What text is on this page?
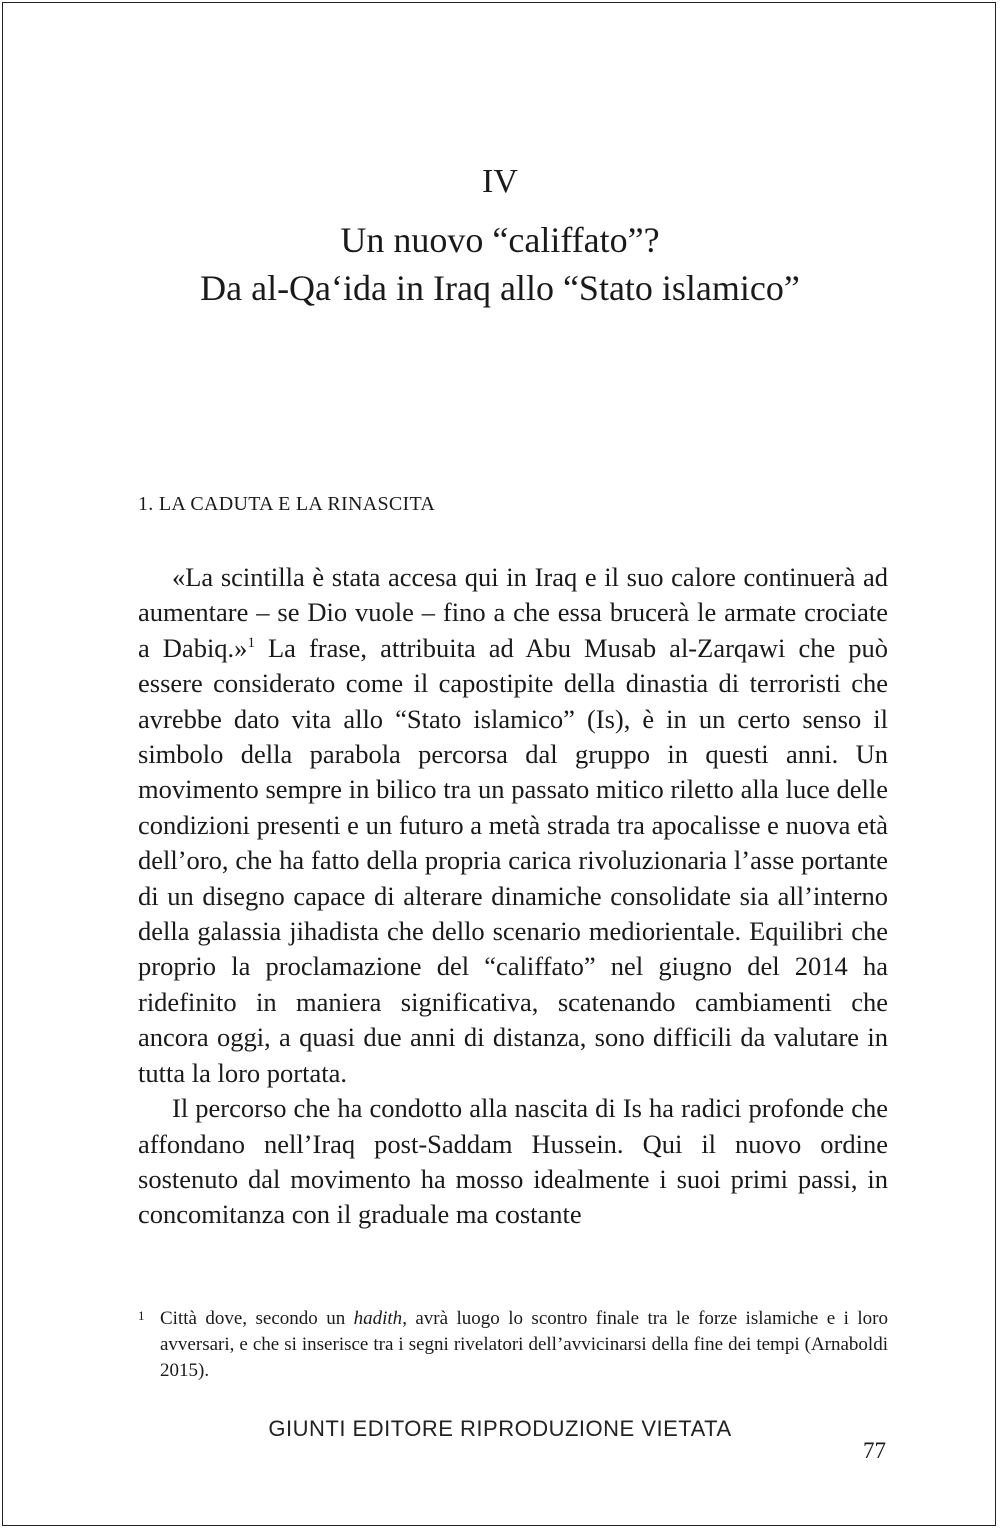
IV
Un nuovo “califfato”?
Da al-Qa‘ida in Iraq allo “Stato islamico”
1. LA CADUTA E LA RINASCITA

«La scintilla è stata accesa qui in Iraq e il suo calore continuerà ad aumentare – se Dio vuole – fino a che essa brucerà le armate crociate a Dabiq.»$^1$ La frase, attribuita ad Abu Musab al-Zarqawi che può essere considerato come il capostipite della dinastia di terroristi che avrebbe dato vita allo “Stato islamico” (Is), è in un certo senso il simbolo della parabola percorsa dal gruppo in questi anni. Un movimento sempre in bilico tra un passato mitico riletto alla luce delle condizioni presenti e un futuro a metà strada tra apocalisse e nuova età dell’oro, che ha fatto della propria carica rivoluzionaria l’asse portante di un disegno capace di alterare dinamiche consolidate sia all’interno della galassia jihadista che dello scenario mediorientale. Equilibri che proprio la proclamazione del “califfato” nel giugno del 2014 ha ridefinito in maniera significativa, scatenando cambiamenti che ancora oggi, a quasi due anni di distanza, sono difficili da valutare in tutta la loro portata.

Il percorso che ha condotto alla nascita di Is ha radici profonde che affondano nell’Iraq post-Saddam Hussein. Qui il nuovo ordine sostenuto dal movimento ha mosso idealmente i suoi primi passi, in concomitanza con il graduale ma costante

1 Città dove, secondo un hadith, avrà luogo lo scontro finale tra le forze islamiche e i loro avversari, e che si inserisce tra i segni rivelatori dell’avvicinarsi della fine dei tempi (Arnaboldi 2015).
GIUNTI EDITORE RIPRODUZIONE VIETATA
77
